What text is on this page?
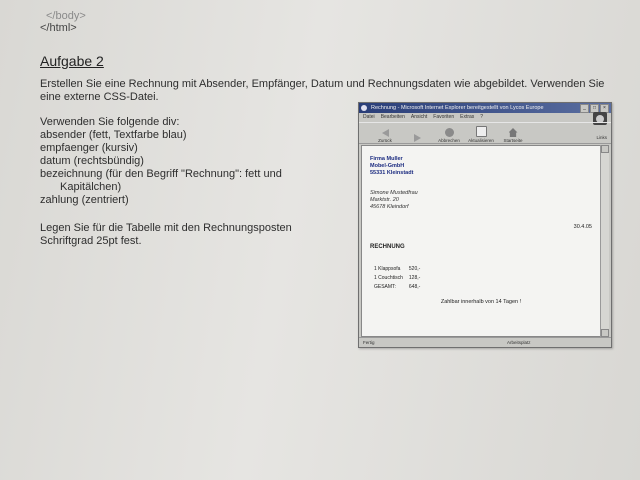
</body>
</html>
Aufgabe 2
Erstellen Sie eine Rechnung mit Absender, Empfänger, Datum und Rechnungsdaten wie abgebildet. Verwenden Sie eine externe CSS-Datei.
Verwenden Sie folgende div:
absender (fett, Textfarbe blau)
empfaenger (kursiv)
datum (rechtsbündig)
bezeichnung (für den Begriff "Rechnung": fett und
Kapitälchen)
zahlung (zentriert)
Legen Sie für die Tabelle mit den Rechnungsposten
Schriftgrad 25pt fest.
Rechnung - Microsoft Internet Explorer bereitgestellt von Lycos Europe	_	□	×
Datei Bearbeiten Ansicht Favoriten Extras ?
Zurück	Abbrechen	Aktualisieren	Startseite
Links
Firma Muller
Mobel-GmbH
55331 Kleinstadt
Simone Mustedfrau
Marktstr. 20
45678 Kleindorf
30.4.05
RECHNUNG
1 Klappsofa	520,-
1 Couchtisch	128,-
GESAMT:	648,-
Zahlbar innerhalb von 14 Tagen !
Fertig	Arbeitsplatz
